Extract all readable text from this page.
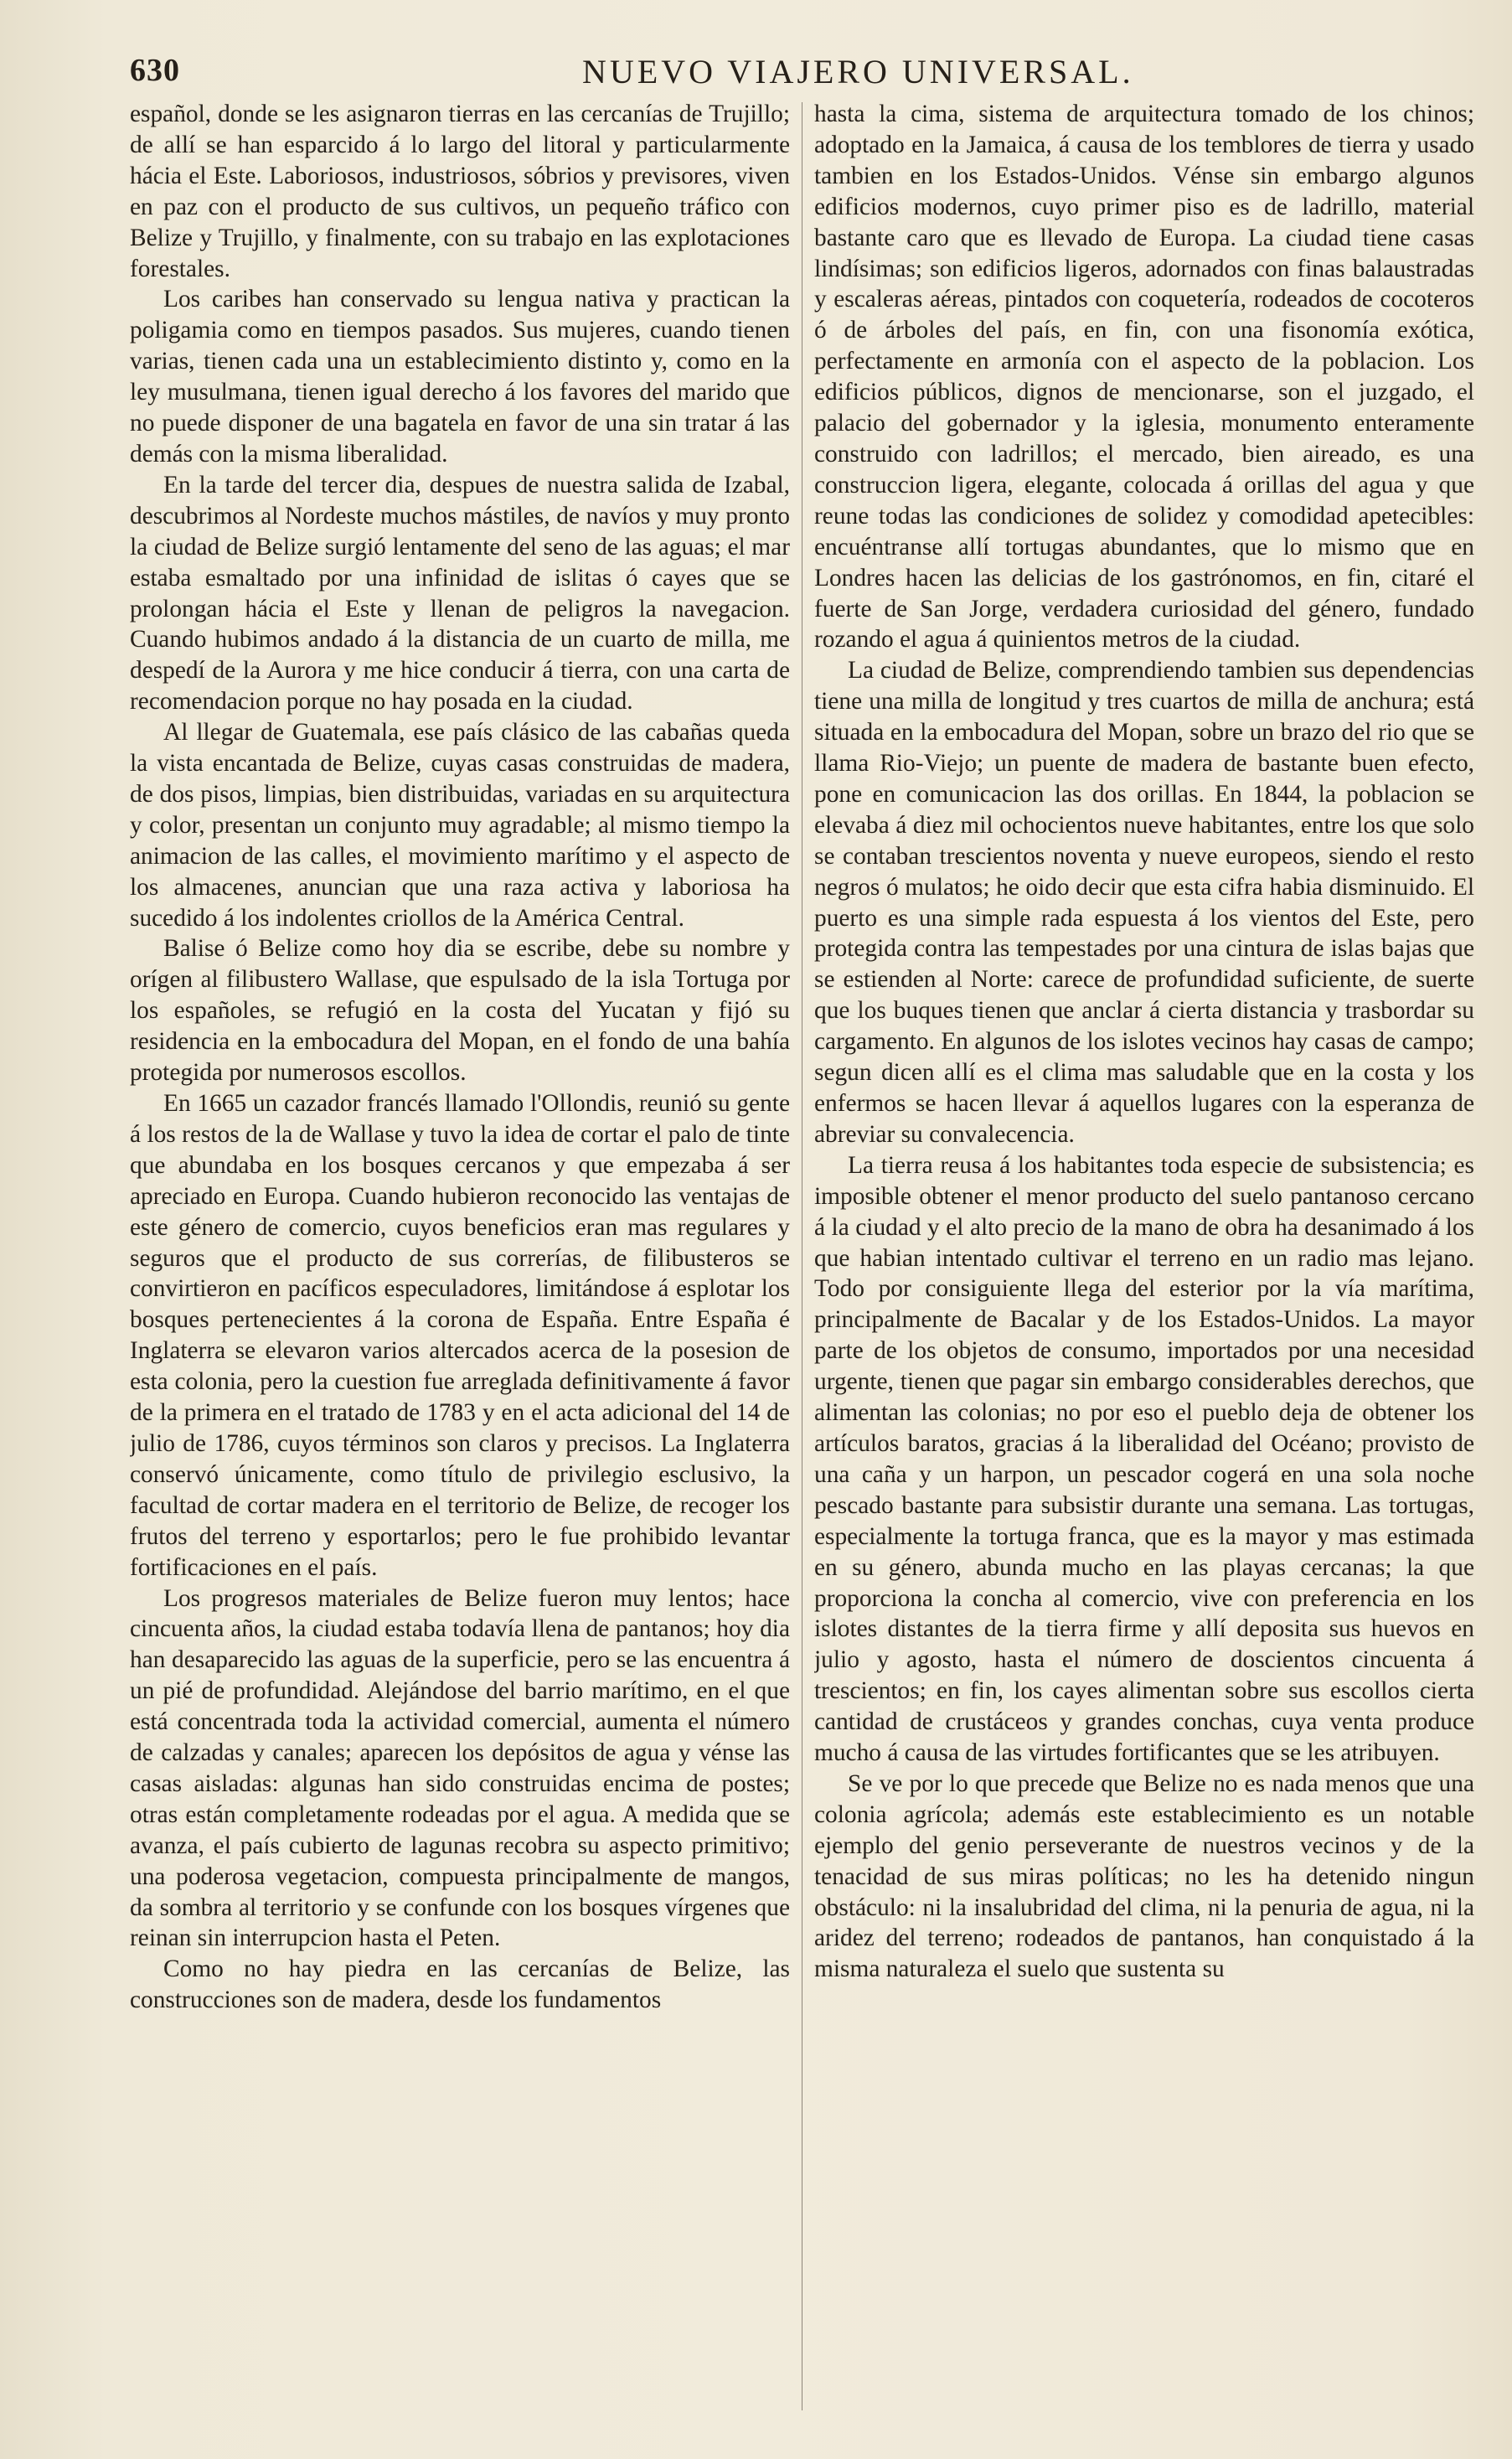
630	NUEVO VIAJERO UNIVERSAL.

español, donde se les asignaron tierras en las cercanías de Trujillo; de allí se han esparcido á lo largo del litoral y particularmente hácia el Este. Laboriosos, industriosos, sóbrios y previsores, viven en paz con el producto de sus cultivos, un pequeño tráfico con Belize y Trujillo, y finalmente, con su trabajo en las explotaciones forestales.

Los caribes han conservado su lengua nativa y practican la poligamia como en tiempos pasados. Sus mujeres, cuando tienen varias, tienen cada una un establecimiento distinto y, como en la ley musulmana, tienen igual derecho á los favores del marido que no puede disponer de una bagatela en favor de una sin tratar á las demás con la misma liberalidad.

En la tarde del tercer dia, despues de nuestra salida de Izabal, descubrimos al Nordeste muchos mástiles, de navíos y muy pronto la ciudad de Belize surgió lentamente del seno de las aguas; el mar estaba esmaltado por una infinidad de islitas ó cayes que se prolongan hácia el Este y llenan de peligros la navegacion. Cuando hubimos andado á la distancia de un cuarto de milla, me despedí de la Aurora y me hice conducir á tierra, con una carta de recomendacion porque no hay posada en la ciudad.

Al llegar de Guatemala, ese país clásico de las cabañas queda la vista encantada de Belize, cuyas casas construidas de madera, de dos pisos, limpias, bien distribuidas, variadas en su arquitectura y color, presentan un conjunto muy agradable; al mismo tiempo la animacion de las calles, el movimiento marítimo y el aspecto de los almacenes, anuncian que una raza activa y laboriosa ha sucedido á los indolentes criollos de la América Central.

Balise ó Belize como hoy dia se escribe, debe su nombre y orígen al filibustero Wallase, que espulsado de la isla Tortuga por los españoles, se refugió en la costa del Yucatan y fijó su residencia en la embocadura del Mopan, en el fondo de una bahía protegida por numerosos escollos.

En 1665 un cazador francés llamado l'Ollondis, reunió su gente á los restos de la de Wallase y tuvo la idea de cortar el palo de tinte que abundaba en los bosques cercanos y que empezaba á ser apreciado en Europa. Cuando hubieron reconocido las ventajas de este género de comercio, cuyos beneficios eran mas regulares y seguros que el producto de sus correrías, de filibusteros se convirtieron en pacíficos especuladores, limitándose á esplotar los bosques pertenecientes á la corona de España. Entre España é Inglaterra se elevaron varios altercados acerca de la posesion de esta colonia, pero la cuestion fue arreglada definitivamente á favor de la primera en el tratado de 1783 y en el acta adicional del 14 de julio de 1786, cuyos términos son claros y precisos. La Inglaterra conservó únicamente, como título de privilegio esclusivo, la facultad de cortar madera en el territorio de Belize, de recoger los frutos del terreno y esportarlos; pero le fue prohibido levantar fortificaciones en el país.

Los progresos materiales de Belize fueron muy lentos; hace cincuenta años, la ciudad estaba todavía llena de pantanos; hoy dia han desaparecido las aguas de la superficie, pero se las encuentra á un pié de profundidad. Alejándose del barrio marítimo, en el que está concentrada toda la actividad comercial, aumenta el número de calzadas y canales; aparecen los depósitos de agua y vénse las casas aisladas: algunas han sido construidas encima de postes; otras están completamente rodeadas por el agua. A medida que se avanza, el país cubierto de lagunas recobra su aspecto primitivo; una poderosa vegetacion, compuesta principalmente de mangos, da sombra al territorio y se confunde con los bosques vírgenes que reinan sin interrupcion hasta el Peten.

Como no hay piedra en las cercanías de Belize, las construcciones son de madera, desde los fundamentos

hasta la cima, sistema de arquitectura tomado de los chinos; adoptado en la Jamaica, á causa de los temblores de tierra y usado tambien en los Estados-Unidos. Vénse sin embargo algunos edificios modernos, cuyo primer piso es de ladrillo, material bastante caro que es llevado de Europa. La ciudad tiene casas lindísimas; son edificios ligeros, adornados con finas balaustradas y escaleras aéreas, pintados con coquetería, rodeados de cocoteros ó de árboles del país, en fin, con una fisonomía exótica, perfectamente en armonía con el aspecto de la poblacion. Los edificios públicos, dignos de mencionarse, son el juzgado, el palacio del gobernador y la iglesia, monumento enteramente construido con ladrillos; el mercado, bien aireado, es una construccion ligera, elegante, colocada á orillas del agua y que reune todas las condiciones de solidez y comodidad apetecibles: encuéntranse allí tortugas abundantes, que lo mismo que en Londres hacen las delicias de los gastrónomos, en fin, citaré el fuerte de San Jorge, verdadera curiosidad del género, fundado rozando el agua á quinientos metros de la ciudad.

La ciudad de Belize, comprendiendo tambien sus dependencias tiene una milla de longitud y tres cuartos de milla de anchura; está situada en la embocadura del Mopan, sobre un brazo del rio que se llama Rio-Viejo; un puente de madera de bastante buen efecto, pone en comunicacion las dos orillas. En 1844, la poblacion se elevaba á diez mil ochocientos nueve habitantes, entre los que solo se contaban trescientos noventa y nueve europeos, siendo el resto negros ó mulatos; he oido decir que esta cifra habia disminuido. El puerto es una simple rada espuesta á los vientos del Este, pero protegida contra las tempestades por una cintura de islas bajas que se estienden al Norte: carece de profundidad suficiente, de suerte que los buques tienen que anclar á cierta distancia y trasbordar su cargamento. En algunos de los islotes vecinos hay casas de campo; segun dicen allí es el clima mas saludable que en la costa y los enfermos se hacen llevar á aquellos lugares con la esperanza de abreviar su convalecencia.

La tierra reusa á los habitantes toda especie de subsistencia; es imposible obtener el menor producto del suelo pantanoso cercano á la ciudad y el alto precio de la mano de obra ha desanimado á los que habian intentado cultivar el terreno en un radio mas lejano. Todo por consiguiente llega del esterior por la vía marítima, principalmente de Bacalar y de los Estados-Unidos. La mayor parte de los objetos de consumo, importados por una necesidad urgente, tienen que pagar sin embargo considerables derechos, que alimentan las colonias; no por eso el pueblo deja de obtener los artículos baratos, gracias á la liberalidad del Océano; provisto de una caña y un harpon, un pescador cogerá en una sola noche pescado bastante para subsistir durante una semana. Las tortugas, especialmente la tortuga franca, que es la mayor y mas estimada en su género, abunda mucho en las playas cercanas; la que proporciona la concha al comercio, vive con preferencia en los islotes distantes de la tierra firme y allí deposita sus huevos en julio y agosto, hasta el número de doscientos cincuenta á trescientos; en fin, los cayes alimentan sobre sus escollos cierta cantidad de crustáceos y grandes conchas, cuya venta produce mucho á causa de las virtudes fortificantes que se les atribuyen.

Se ve por lo que precede que Belize no es nada menos que una colonia agrícola; además este establecimiento es un notable ejemplo del genio perseverante de nuestros vecinos y de la tenacidad de sus miras políticas; no les ha detenido ningun obstáculo: ni la insalubridad del clima, ni la penuria de agua, ni la aridez del terreno; rodeados de pantanos, han conquistado á la misma naturaleza el suelo que sustenta su
